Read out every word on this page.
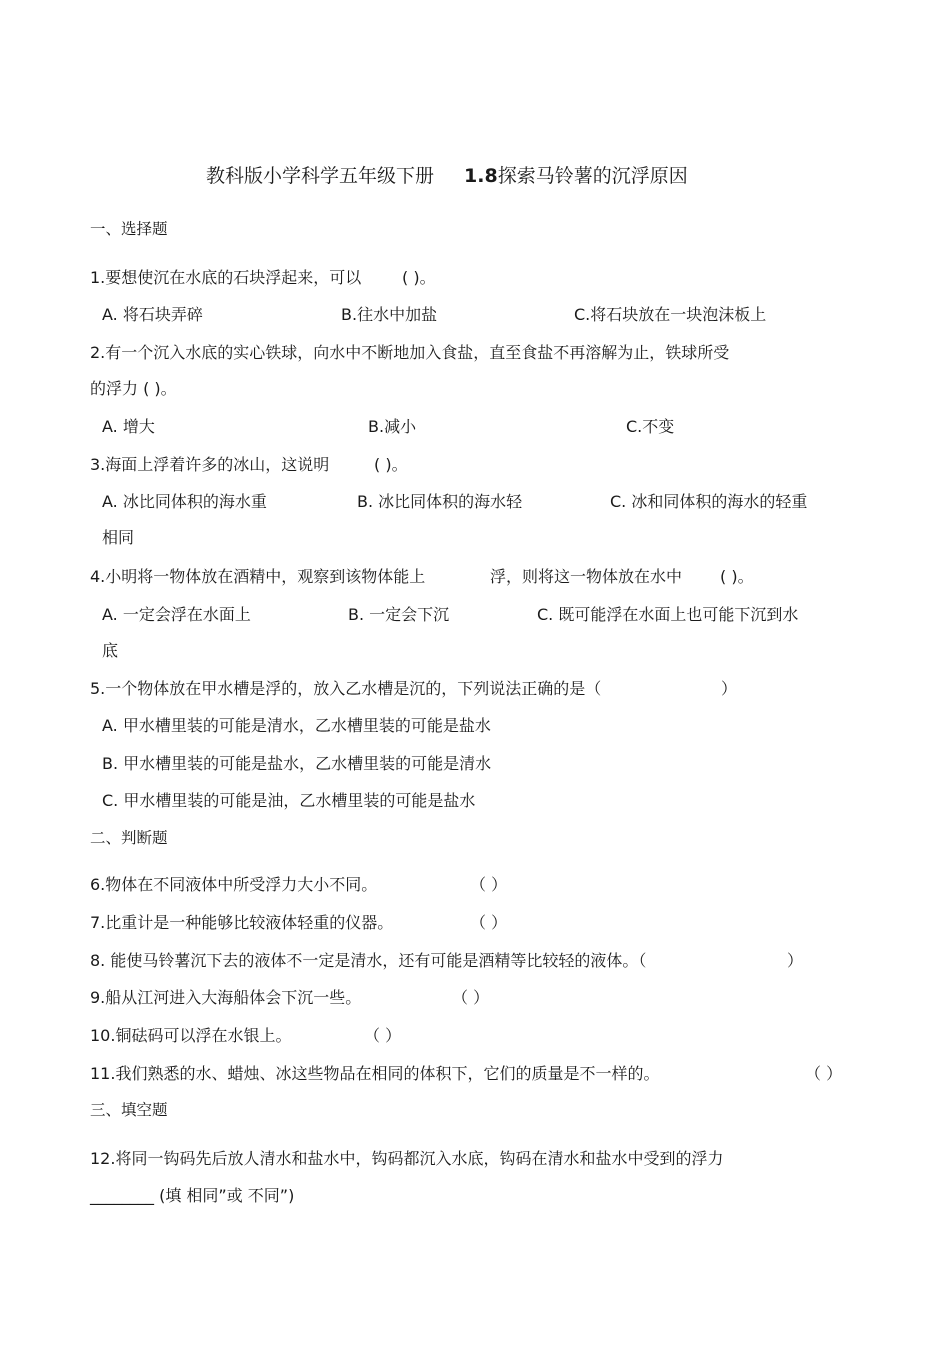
教科版小学科学五年级下册 1.8探索马铃薯的沉浮原因
一、选择题
1.要想使沉在水底的石块浮起来，可以	( )。
A. 将石块弄碎	B.往水中加盐	C.将石块放在一块泡沫板上
2.有一个沉入水底的实心铁球，向水中不断地加入食盐，直至食盐不再溶解为止，铁球所受
的浮力 ( )。
A. 增大	B.减小	C.不变
3.海面上浮着许多的冰山，这说明	( )。
A. 冰比同体积的海水重	B. 冰比同体积的海水轻	C. 冰和同体积的海水的轻重
相同
4.小明将一物体放在酒精中，观察到该物体能上	浮，则将这一物体放在水中 ( )。
A. 一定会浮在水面上	B. 一定会下沉	C. 既可能浮在水面上也可能下沉到水
底
5.一个物体放在甲水槽是浮的，放入乙水槽是沉的，下列说法正确的是（	）
A. 甲水槽里装的可能是清水，乙水槽里装的可能是盐水
B. 甲水槽里装的可能是盐水，乙水槽里装的可能是清水
C. 甲水槽里装的可能是油，乙水槽里装的可能是盐水
二、判断题
6.物体在不同液体中所受浮力大小不同。	（ ）
7.比重计是一种能够比较液体轻重的仪器。	（ ）
8. 能使马铃薯沉下去的液体不一定是清水，还有可能是酒精等比较轻的液体。（	）
9.船从江河进入大海船体会下沉一些。	（ ）
10.铜砝码可以浮在水银上。	（ ）
11.我们熟悉的水、蜡烛、冰这些物品在相同的体积下，它们的质量是不一样的。	（ ）
三、填空题
12.将同一钩码先后放人清水和盐水中，钩码都沉入水底，钩码在清水和盐水中受到的浮力
________ (填 相同”或 不同”)
